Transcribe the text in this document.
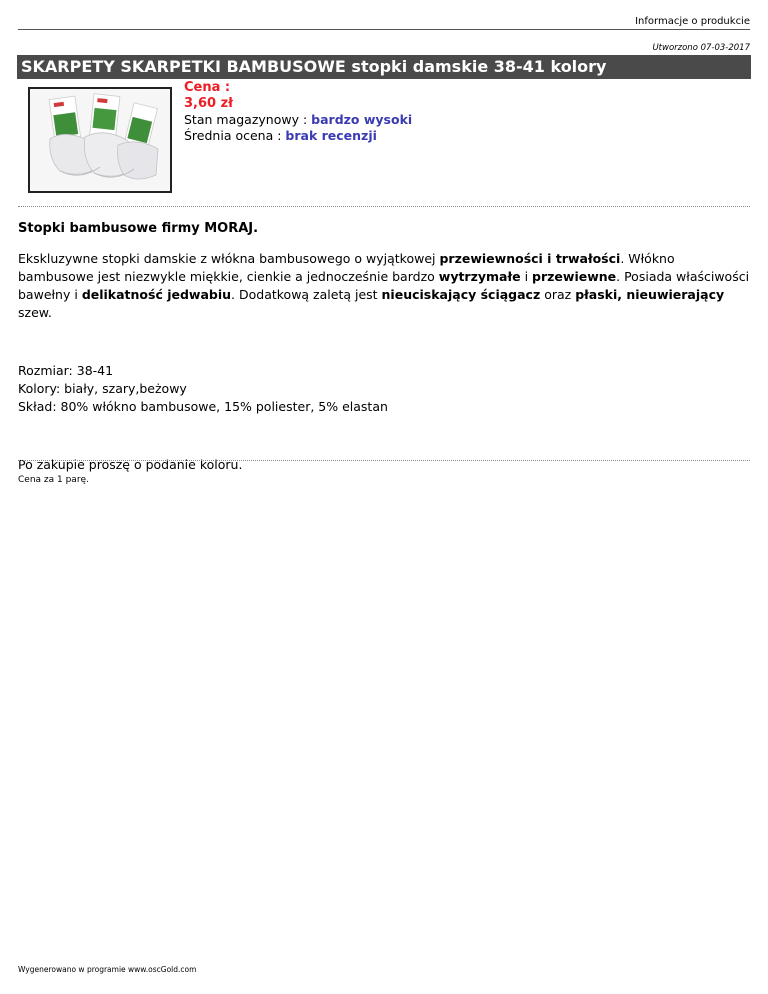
Informacje o produkcie
Utworzono 07-03-2017
SKARPETY SKARPETKI BAMBUSOWE stopki damskie 38-41 kolory
Cena :
3,60 zł
Stan magazynowy : bardzo wysoki
Średnia ocena : brak recenzji

Stopki bambusowe firmy MORAJ.

Ekskluzywne stopki damskie z włókna bambusowego o wyjątkowej przewiewności i trwałości. Włókno bambusowe jest niezwykle miękkie, cienkie a jednocześnie bardzo wytrzymałe i przewiewne. Posiada właściwości bawełny i delikatność jedwabiu. Dodatkową zaletą jest nieuciskający ściągacz oraz płaski, nieuwierający szew.

Rozmiar: 38-41
Kolory: biały, szary,beżowy
Skład: 80% włókno bambusowe, 15% poliester, 5% elastan
Po zakupie proszę o podanie koloru.
Cena za 1 parę.
Wygenerowano w programie www.oscGold.com
